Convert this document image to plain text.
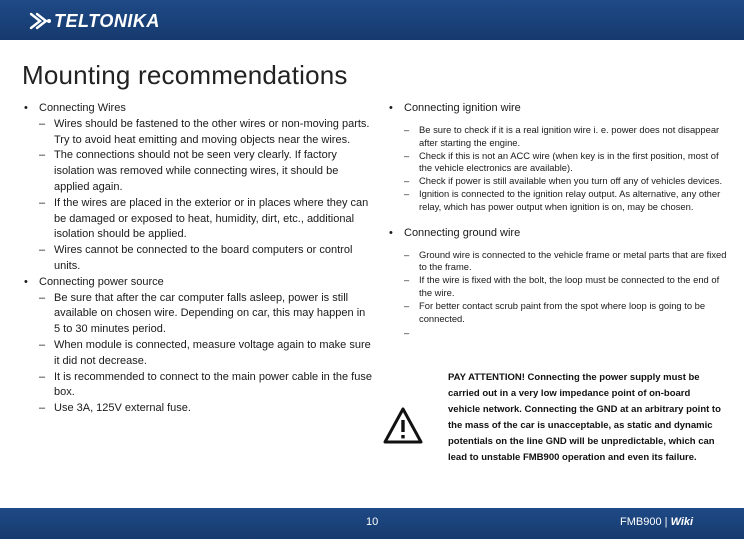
TELTONIKA
Mounting recommendations

• Connecting Wires

– Wires should be fastened to the other wires or non-moving parts. Try to avoid heat emitting and moving objects near the wires.

– The connections should not be seen very clearly. If factory isolation was removed while connecting wires, it should be applied again.

– If the wires are placed in the exterior or in places where they can be damaged or exposed to heat, humidity, dirt, etc., additional isolation should be applied.

– Wires cannot be connected to the board computers or control units.

• Connecting power source

– Be sure that after the car computer falls asleep, power is still available on chosen wire. Depending on car, this may happen in 5 to 30 minutes period.

– When module is connected, measure voltage again to make sure it did not decrease.

– It is recommended to connect to the main power cable in the fuse box.

– Use 3A, 125V external fuse.

• Connecting ignition wire

– Be sure to check if it is a real ignition wire i. e. power does not disappear after starting the engine.

– Check if this is not an ACC wire (when key is in the first position, most of the vehicle electronics are available).

– Check if power is still available when you turn off any of vehicles devices.

– Ignition is connected to the ignition relay output. As alternative, any other relay, which has power output when ignition is on, may be chosen.

• Connecting ground wire

– Ground wire is connected to the vehicle frame or metal parts that are fixed to the frame.

– If the wire is fixed with the bolt, the loop must be connected to the end of the wire.

– For better contact scrub paint from the spot where loop is going to be connected.

–

PAY ATTENTION! Connecting the power supply must be carried out in a very low impedance point of on-board vehicle network. Connecting the GND at an arbitrary point to the mass of the car is unacceptable, as static and dynamic potentials on the line GND will be unpredictable, which can lead to unstable FMB900 operation and even its failure.
10	FMB900 | Wiki
